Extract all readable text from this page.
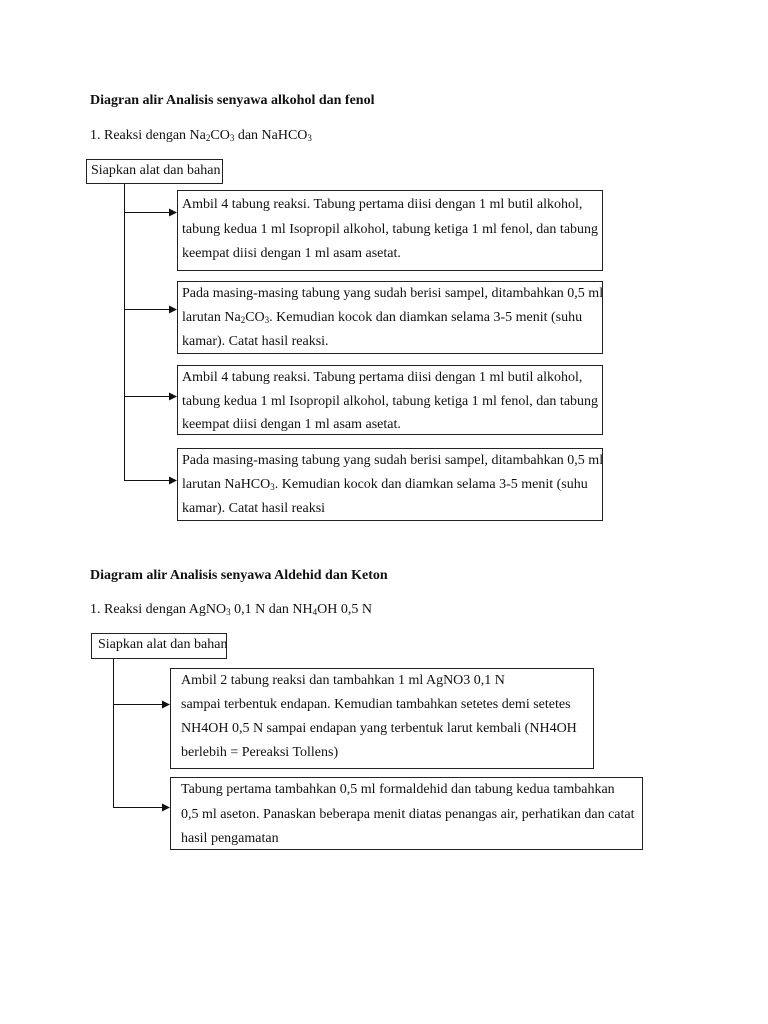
Diagran alir Analisis senyawa alkohol dan fenol
1. Reaksi dengan $Na_2CO_3$ dan NaHCO$_3$
Siapkan alat dan bahan
Ambil 4 tabung reaksi. Tabung pertama diisi dengan 1 ml butil alkohol,
tabung kedua 1 ml Isopropil alkohol, tabung ketiga 1 ml fenol, dan tabung
keempat diisi dengan 1 ml asam asetat.
Pada masing-masing tabung yang sudah berisi sampel, ditambahkan 0,5 ml
larutan $Na_2CO_3$. Kemudian kocok dan diamkan selama 3-5 menit (suhu
kamar). Catat hasil reaksi.
Ambil 4 tabung reaksi. Tabung pertama diisi dengan 1 ml butil alkohol,
tabung kedua 1 ml Isopropil alkohol, tabung ketiga 1 ml fenol, dan tabung
keempat diisi dengan 1 ml asam asetat.
Pada masing-masing tabung yang sudah berisi sampel, ditambahkan 0,5 ml
larutan NaHCO$_3$. Kemudian kocok dan diamkan selama 3-5 menit (suhu
kamar). Catat hasil reaksi
Diagram alir Analisis senyawa Aldehid dan Keton
1. Reaksi dengan AgNO$_3$ 0,1 N dan $NH_4OH$ 0,5 N
Siapkan alat dan bahan
Ambil 2 tabung reaksi dan tambahkan 1 ml AgNO3 0,1 N
sampai terbentuk endapan. Kemudian tambahkan setetes demi setetes
NH4OH 0,5 N sampai endapan yang terbentuk larut kembali (NH4OH
berlebih = Pereaksi Tollens)
Tabung pertama tambahkan 0,5 ml formaldehid dan tabung kedua tambahkan
0,5 ml aseton. Panaskan beberapa menit diatas penangas air, perhatikan dan catat
hasil pengamatan
